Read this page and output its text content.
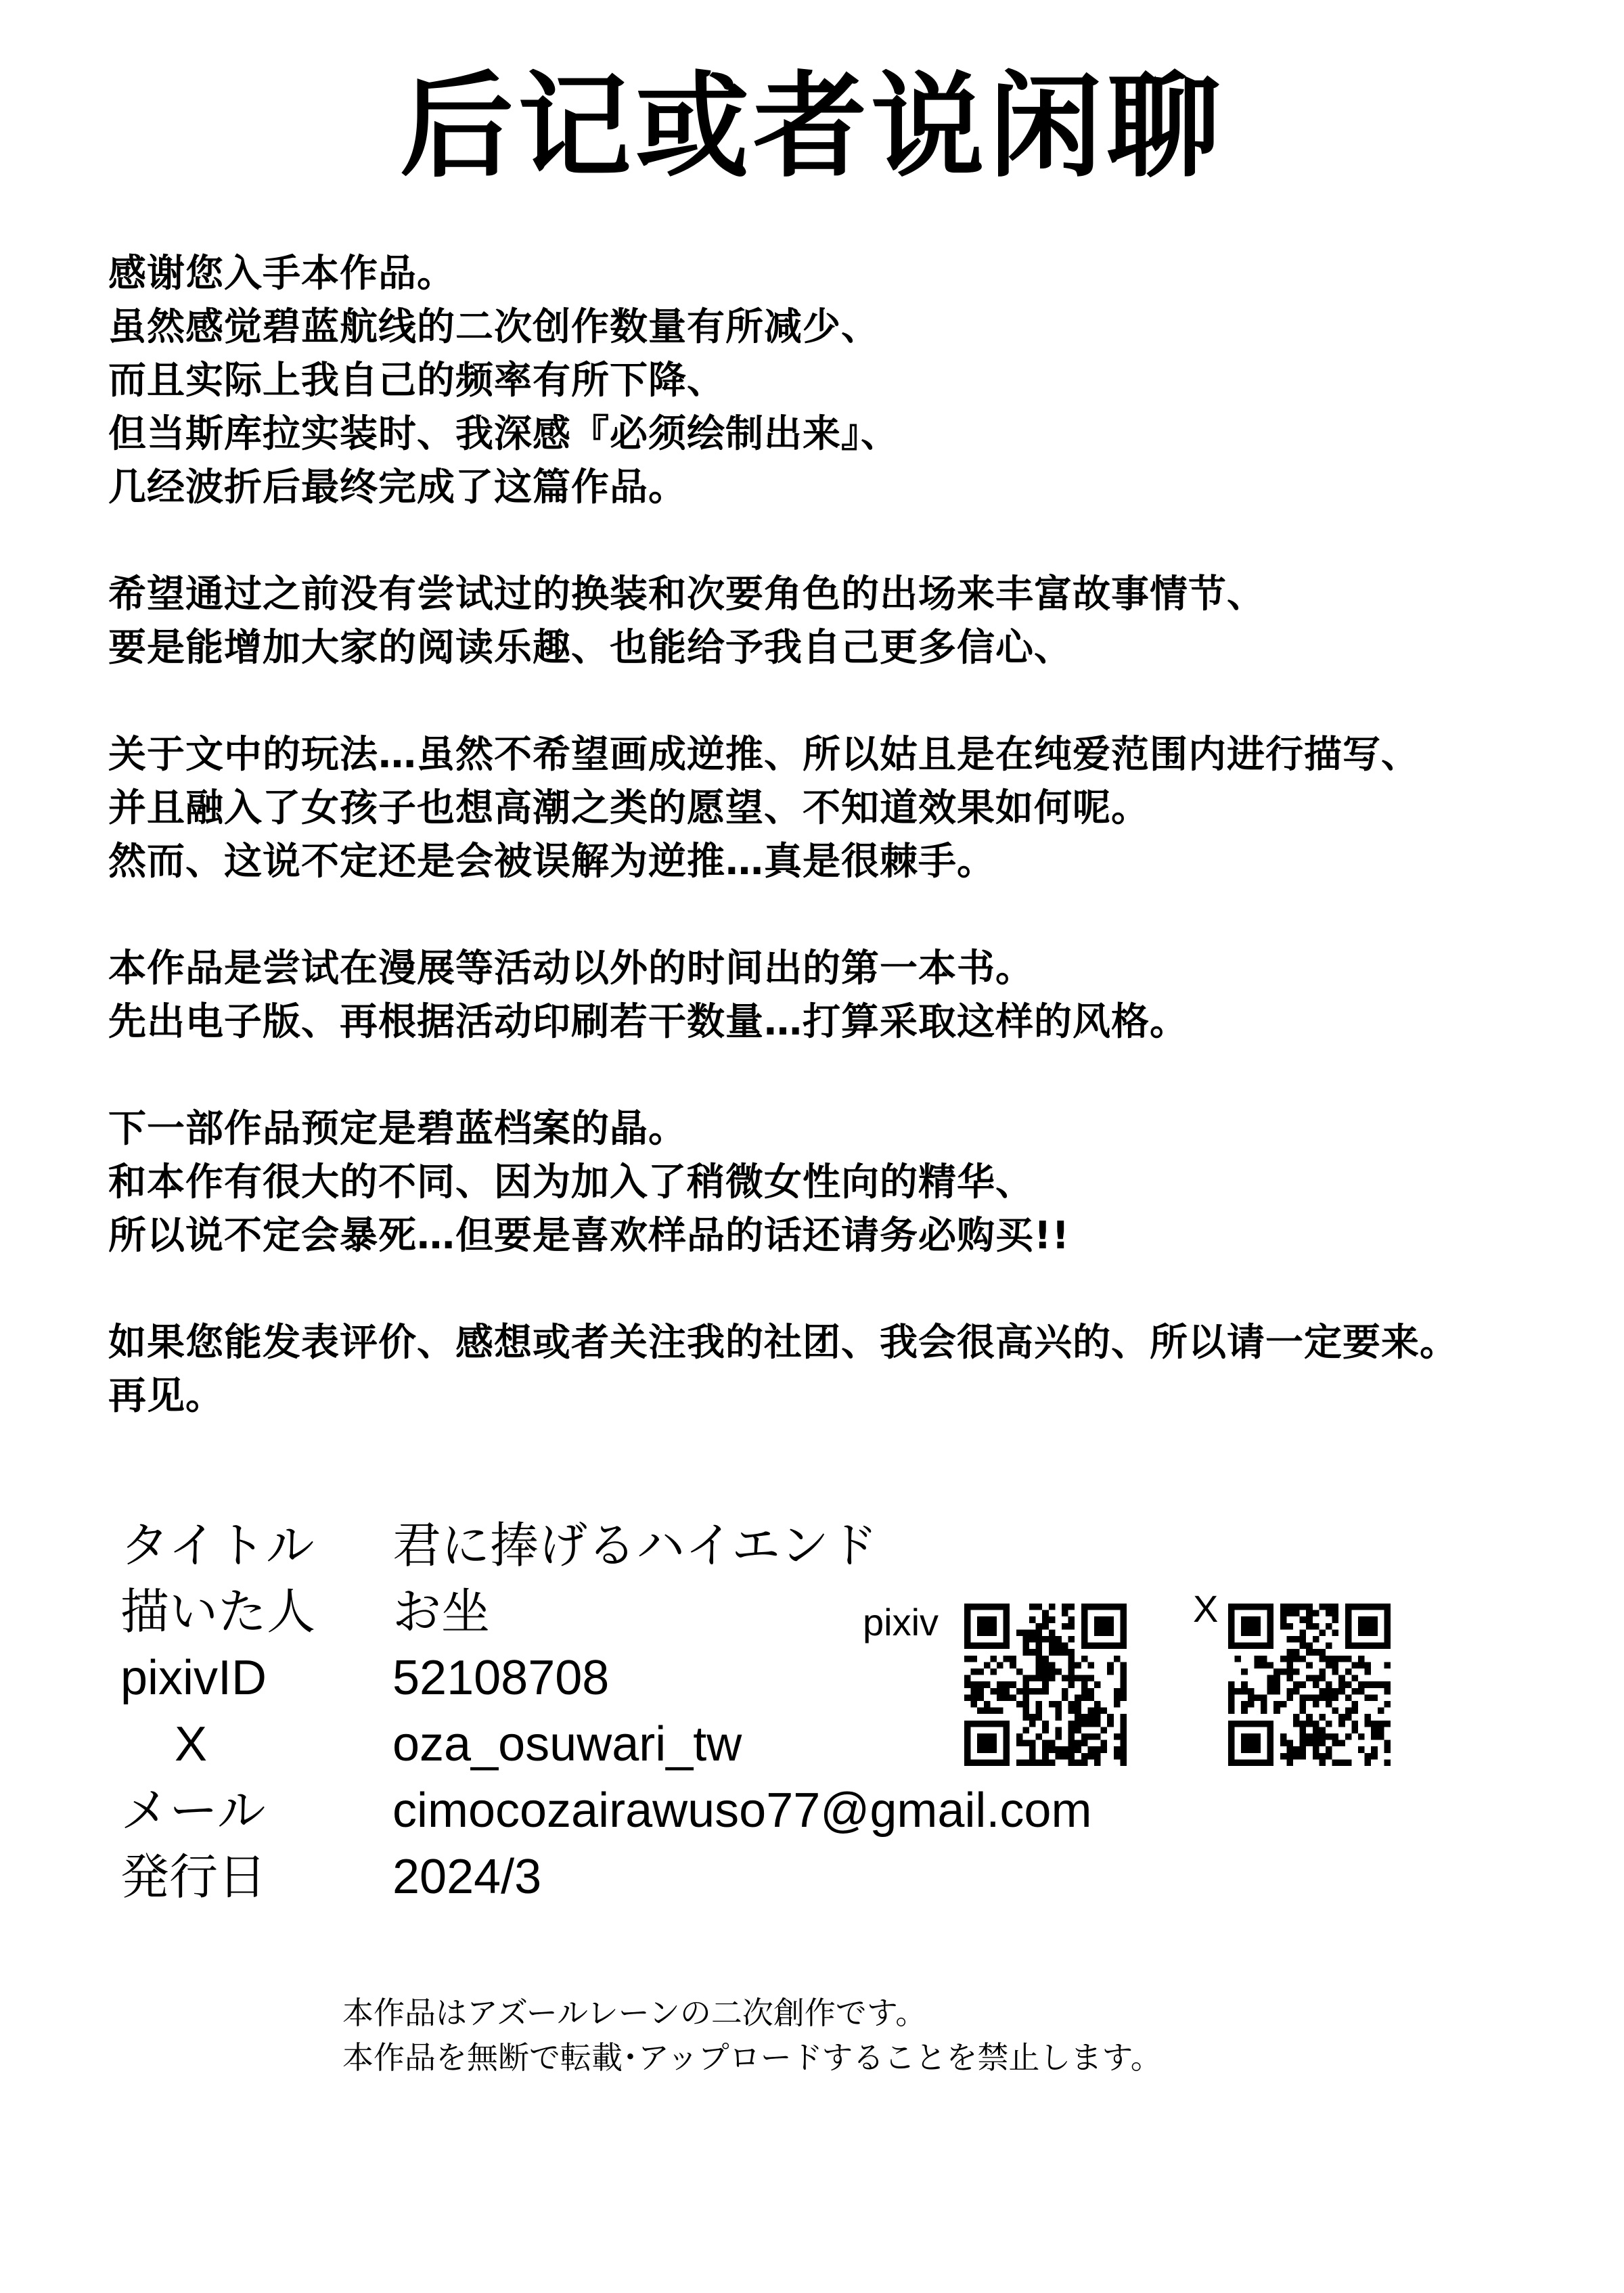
后记或者说闲聊
感谢您入手本作品。
虽然感觉碧蓝航线的二次创作数量有所减少、
而且实际上我自己的频率有所下降、
但当斯库拉实装时、我深感『必须绘制出来』、
几经波折后最终完成了这篇作品。
希望通过之前没有尝试过的换装和次要角色的出场来丰富故事情节、
要是能增加大家的阅读乐趣、也能给予我自己更多信心、
关于文中的玩法…虽然不希望画成逆推、所以姑且是在纯爱范围内进行描写、
并且融入了女孩子也想高潮之类的愿望、不知道效果如何呢。
然而、这说不定还是会被误解为逆推…真是很棘手。
本作品是尝试在漫展等活动以外的时间出的第一本书。
先出电子版、再根据活动印刷若干数量…打算采取这样的风格。
下一部作品预定是碧蓝档案的晶。
和本作有很大的不同、因为加入了稍微女性向的精华、
所以说不定会暴死…但要是喜欢样品的话还请务必购买!!
如果您能发表评价、感想或者关注我的社团、我会很高兴的、所以请一定要来。
再见。
タイトル 君に捧げるハイエンド
描いた人 お坐
pixivID	52108708
X	oza_osuwari_tw
メール	cimocozairawuso77@gmail.com
発行日	2024/3
pixiv	X
本作品はアズールレーンの二次創作です。
本作品を無断で転載･アップロードすることを禁止します。
